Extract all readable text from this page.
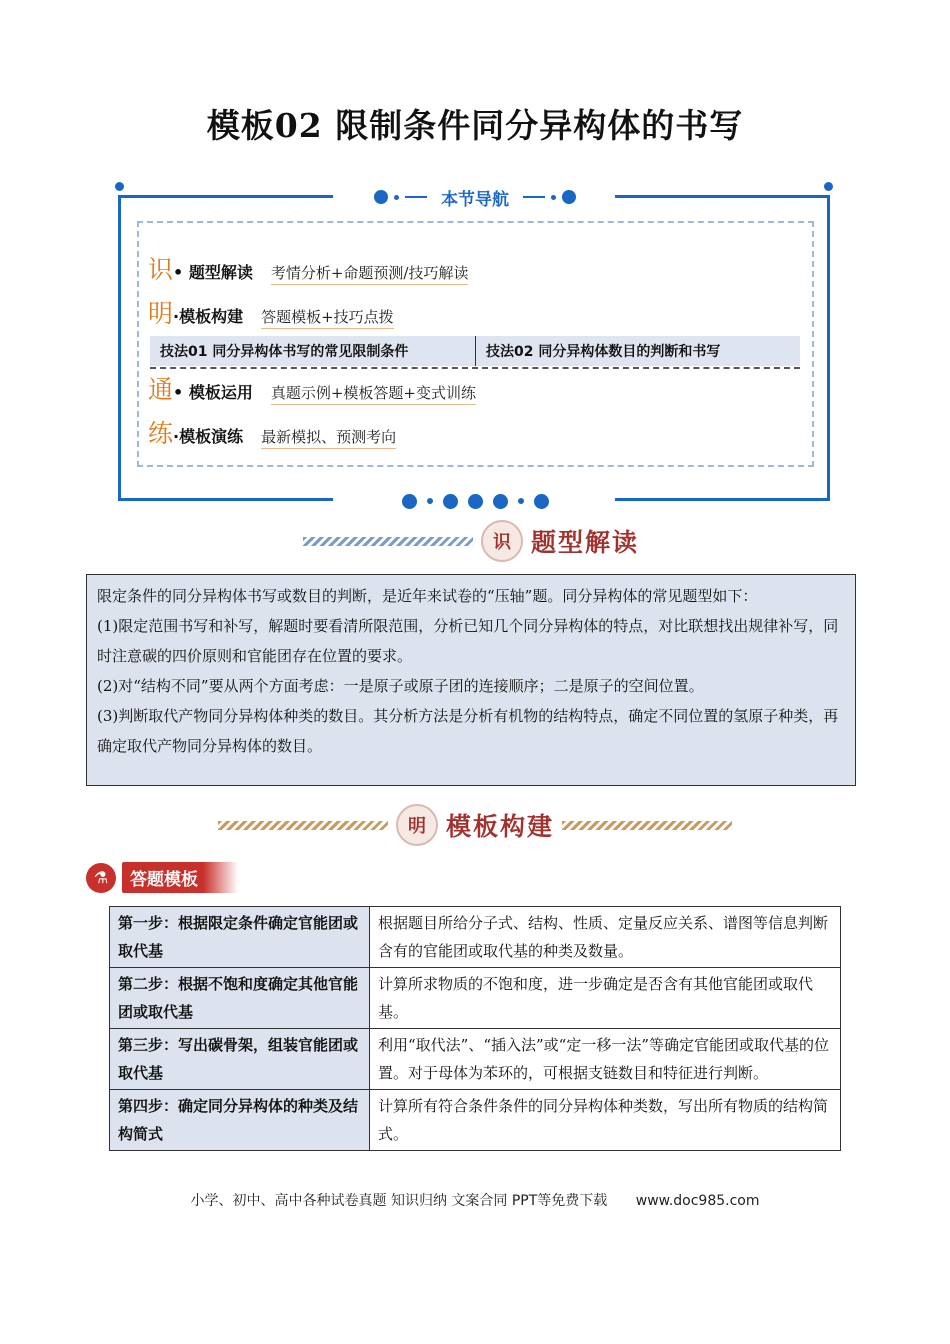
模板02 限制条件同分异构体的书写
本节导航
识 • 题型解读 考情分析+命题预测/技巧解读
明 ·模板构建 答题模板+技巧点拨
技法01 同分异构体书写的常见限制条件	技法02 同分异构体数目的判断和书写
通 • 模板运用 真题示例+模板答题+变式训练
练 ·模板演练 最新模拟、预测考向
识 题型解读

限定条件的同分异构体书写或数目的判断，是近年来试卷的“压轴”题。同分异构体的常见题型如下：

(1)限定范围书写和补写，解题时要看清所限范围，分析已知几个同分异构体的特点，对比联想找出规律补写，同时注意碳的四价原则和官能团存在位置的要求。

(2)对“结构不同”要从两个方面考虑：一是原子或原子团的连接顺序；二是原子的空间位置。

(3)判断取代产物同分异构体种类的数目。其分析方法是分析有机物的结构特点，确定不同位置的氢原子种类，再确定取代产物同分异构体的数目。

明 模板构建
⚗	答题模板
第一步：根据限定条件确定官能团或取代基	根据题目所给分子式、结构、性质、定量反应关系、谱图等信息判断含有的官能团或取代基的种类及数量。
第二步：根据不饱和度确定其他官能团或取代基	计算所求物质的不饱和度，进一步确定是否含有其他官能团或取代基。
第三步：写出碳骨架，组装官能团或取代基	利用“取代法”、“插入法”或“定一移一法”等确定官能团或取代基的位置。对于母体为苯环的，可根据支链数目和特征进行判断。
第四步：确定同分异构体的种类及结构简式	计算所有符合条件条件的同分异构体种类数，写出所有物质的结构简式。
小学、初中、高中各种试卷真题 知识归纳 文案合同 PPT等免费下载 www.doc985.com
